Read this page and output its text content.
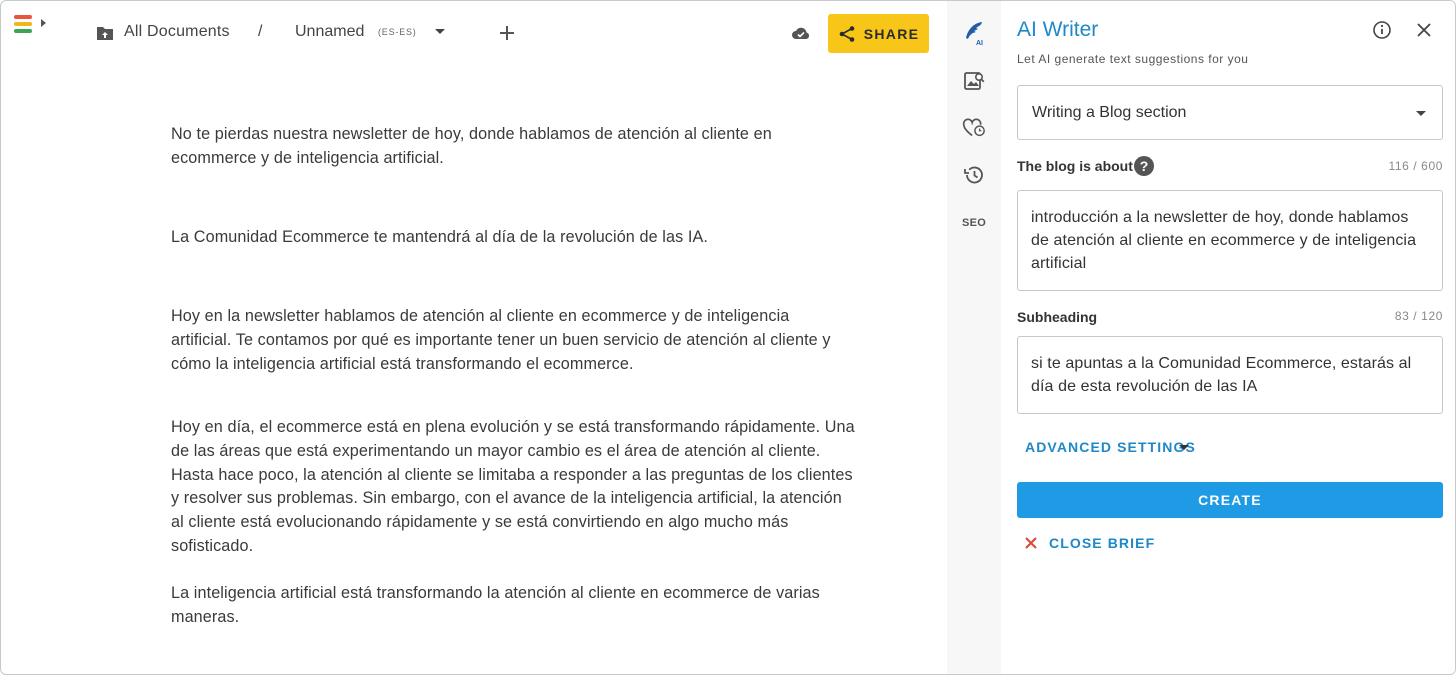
All Documents / Unnamed (ES-ES)	SHARE

No te pierdas nuestra newsletter de hoy, donde hablamos de atención al cliente en ecommerce y de inteligencia artificial.

La Comunidad Ecommerce te mantendrá al día de la revolución de las IA.

Hoy en la newsletter hablamos de atención al cliente en ecommerce y de inteligencia artificial. Te contamos por qué es importante tener un buen servicio de atención al cliente y cómo la inteligencia artificial está transformando el ecommerce.

Hoy en día, el ecommerce está en plena evolución y se está transformando rápidamente. Una de las áreas que está experimentando un mayor cambio es el área de atención al cliente. Hasta hace poco, la atención al cliente se limitaba a responder a las preguntas de los clientes y resolver sus problemas. Sin embargo, con el avance de la inteligencia artificial, la atención al cliente está evolucionando rápidamente y se está convirtiendo en algo mucho más sofisticado.

La inteligencia artificial está transformando la atención al cliente en ecommerce de varias maneras.

AI
SEO
AI Writer
Let AI generate text suggestions for you
Writing a Blog section
The blog is about ?	116 / 600
introducción a la newsletter de hoy, donde hablamos de atención al cliente en ecommerce y de inteligencia artificial
Subheading	83 / 120
si te apuntas a la Comunidad Ecommerce, estarás al día de esta revolución de las IA
ADVANCED SETTINGS
CREATE
CLOSE BRIEF
